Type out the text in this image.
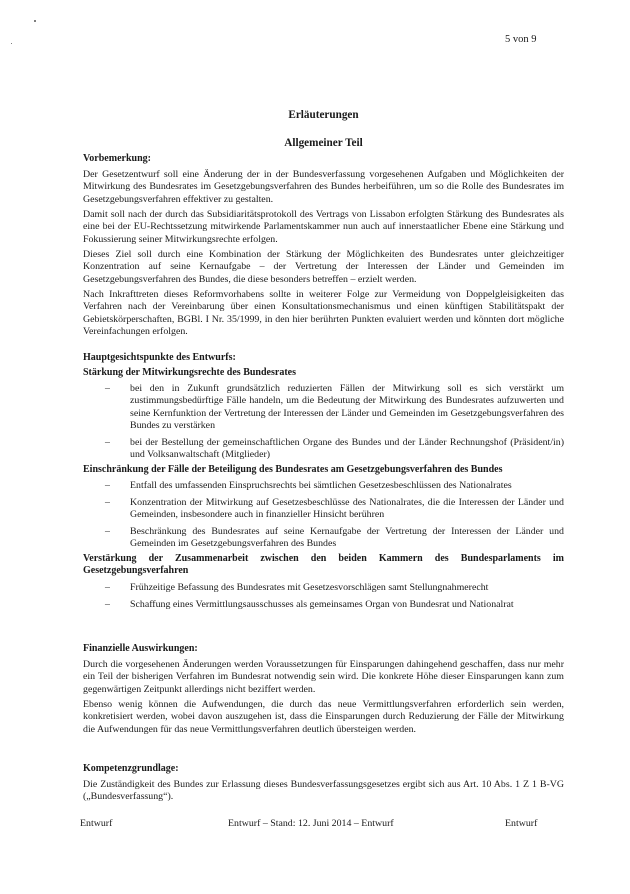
5 von 9
Erläuterungen
Allgemeiner Teil
Vorbemerkung:
Der Gesetzentwurf soll eine Änderung der in der Bundesverfassung vorgesehenen Aufgaben und Möglichkeiten der Mitwirkung des Bundesrates im Gesetzgebungsverfahren des Bundes herbeiführen, um so die Rolle des Bundesrates im Gesetzgebungsverfahren effektiver zu gestalten.
Damit soll nach der durch das Subsidiaritätsprotokoll des Vertrags von Lissabon erfolgten Stärkung des Bundesrates als eine bei der EU-Rechtssetzung mitwirkende Parlamentskammer nun auch auf innerstaatlicher Ebene eine Stärkung und Fokussierung seiner Mitwirkungsrechte erfolgen.
Dieses Ziel soll durch eine Kombination der Stärkung der Möglichkeiten des Bundesrates unter gleichzeitiger Konzentration auf seine Kernaufgabe – der Vertretung der Interessen der Länder und Gemeinden im Gesetzgebungsverfahren des Bundes, die diese besonders betreffen – erzielt werden.
Nach Inkrafttreten dieses Reformvorhabens sollte in weiterer Folge zur Vermeidung von Doppelgleisigkeiten das Verfahren nach der Vereinbarung über einen Konsultationsmechanismus und einen künftigen Stabilitätspakt der Gebietskörperschaften, BGBl. I Nr. 35/1999, in den hier berührten Punkten evaluiert werden und könnten dort mögliche Vereinfachungen erfolgen.
Hauptgesichtspunkte des Entwurfs:
Stärkung der Mitwirkungsrechte des Bundesrates
– bei den in Zukunft grundsätzlich reduzierten Fällen der Mitwirkung soll es sich verstärkt um zustimmungsbedürftige Fälle handeln, um die Bedeutung der Mitwirkung des Bundesrates aufzuwerten und seine Kernfunktion der Vertretung der Interessen der Länder und Gemeinden im Gesetzgebungsverfahren des Bundes zu verstärken
– bei der Bestellung der gemeinschaftlichen Organe des Bundes und der Länder Rechnungshof (Präsident/in) und Volksanwaltschaft (Mitglieder)
Einschränkung der Fälle der Beteiligung des Bundesrates am Gesetzgebungsverfahren des Bundes
– Entfall des umfassenden Einspruchsrechts bei sämtlichen Gesetzesbeschlüssen des Nationalrates
– Konzentration der Mitwirkung auf Gesetzesbeschlüsse des Nationalrates, die die Interessen der Länder und Gemeinden, insbesondere auch in finanzieller Hinsicht berühren
– Beschränkung des Bundesrates auf seine Kernaufgabe der Vertretung der Interessen der Länder und Gemeinden im Gesetzgebungsverfahren des Bundes
Verstärkung der Zusammenarbeit zwischen den beiden Kammern des Bundesparlaments im Gesetzgebungsverfahren
– Frühzeitige Befassung des Bundesrates mit Gesetzesvorschlägen samt Stellungnahmerecht
– Schaffung eines Vermittlungsausschusses als gemeinsames Organ von Bundesrat und Nationalrat
Finanzielle Auswirkungen:
Durch die vorgesehenen Änderungen werden Voraussetzungen für Einsparungen dahingehend geschaffen, dass nur mehr ein Teil der bisherigen Verfahren im Bundesrat notwendig sein wird. Die konkrete Höhe dieser Einsparungen kann zum gegenwärtigen Zeitpunkt allerdings nicht beziffert werden.
Ebenso wenig können die Aufwendungen, die durch das neue Vermittlungsverfahren erforderlich sein werden, konkretisiert werden, wobei davon auszugehen ist, dass die Einsparungen durch Reduzierung der Fälle der Mitwirkung die Aufwendungen für das neue Vermittlungsverfahren deutlich übersteigen werden.
Kompetenzgrundlage:
Die Zuständigkeit des Bundes zur Erlassung dieses Bundesverfassungsgesetzes ergibt sich aus Art. 10 Abs. 1 Z 1 B-VG („Bundesverfassung“).
Entwurf	Entwurf – Stand: 12. Juni 2014 – Entwurf	Entwurf
